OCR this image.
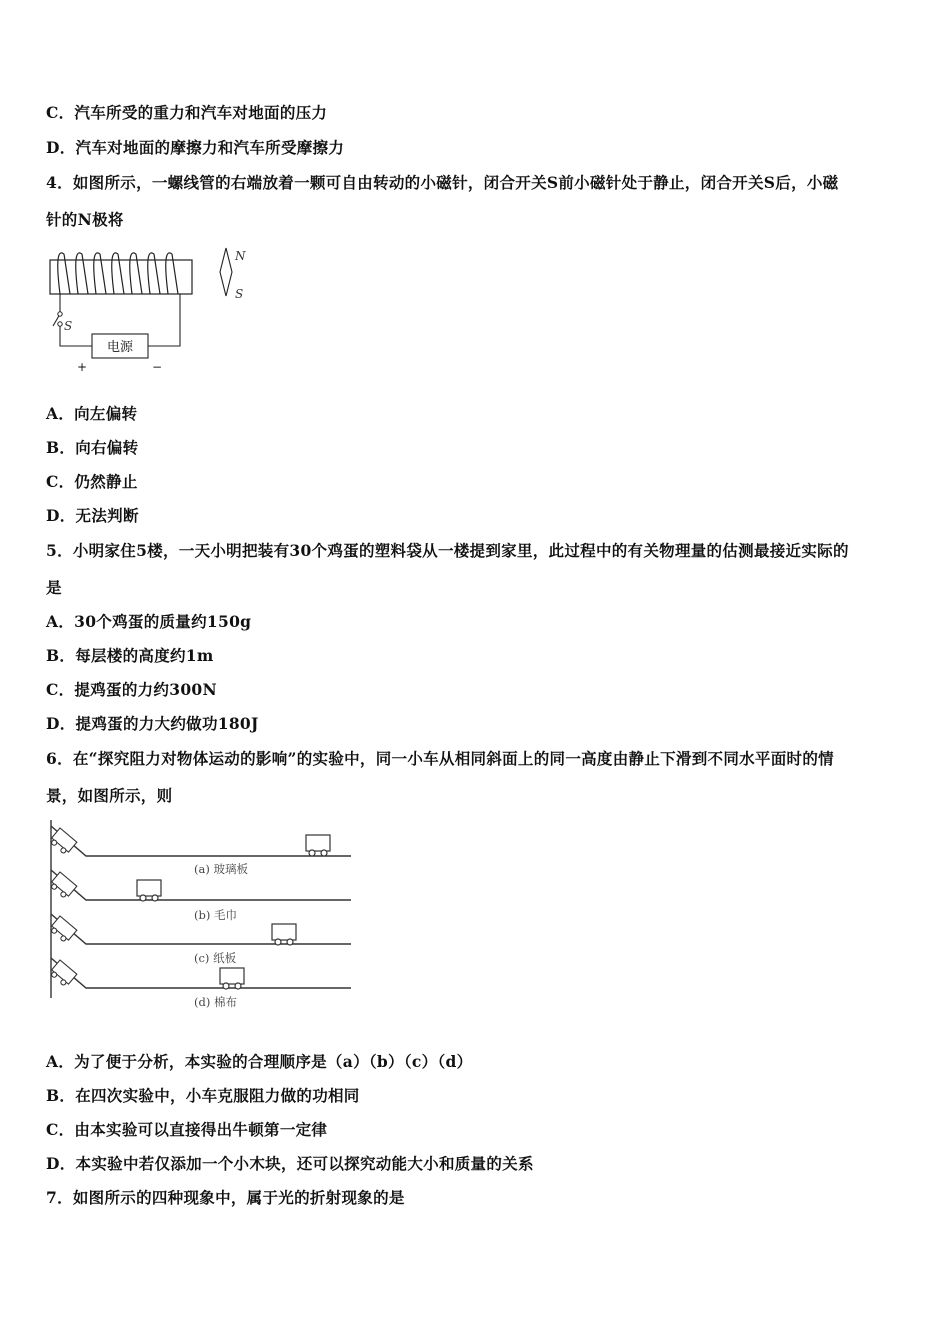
C．汽车所受的重力和汽车对地面的压力
D．汽车对地面的摩擦力和汽车所受摩擦力
4．如图所示，一螺线管的右端放着一颗可自由转动的小磁针，闭合开关S前小磁针处于静止，闭合开关S后，小磁
针的N极将
S
电源
+	−
N
S
A．向左偏转
B．向右偏转
C．仍然静止
D．无法判断
5．小明家住5楼，一天小明把装有30个鸡蛋的塑料袋从一楼提到家里，此过程中的有关物理量的估测最接近实际的
是
A．30个鸡蛋的质量约150g
B．每层楼的高度约1m
C．提鸡蛋的力约300N
D．提鸡蛋的力大约做功180J
6．在“探究阻力对物体运动的影响”的实验中，同一小车从相同斜面上的同一高度由静止下滑到不同水平面时的情
景，如图所示，则
(a) 玻璃板
(b) 毛巾
(c) 纸板
(d) 棉布
A．为了便于分析，本实验的合理顺序是（a）（b）（c）（d）
B．在四次实验中，小车克服阻力做的功相同
C．由本实验可以直接得出牛顿第一定律
D．本实验中若仅添加一个小木块，还可以探究动能大小和质量的关系
7．如图所示的四种现象中，属于光的折射现象的是
